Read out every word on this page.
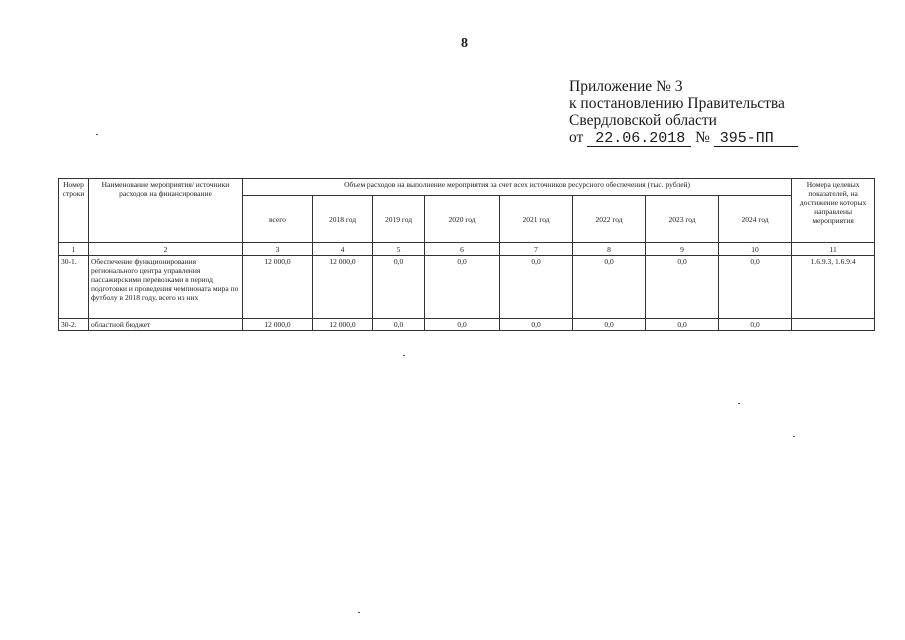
8
Приложение № 3
к постановлению Правительства
Свердловской области
от 22.06.2018 № 395-ПП
Номер строки	Наименование мероприятия/ источники расходов на финансирование	Объем расходов на выполнение мероприятия за счет всех источников ресурсного обеспечения (тыс. рублей)								Номера целевых показателей, на достижение которых направлены мероприятия
		всего	2018 год	2019 год	2020 год	2021 год	2022 год	2023 год	2024 год	
1	2	3	4	5	6	7	8	9	10	11
30-1.	Обеспечение функционирования регионального центра управления пассажирскими перевозками в период подготовки и проведения чемпионата мира по футболу в 2018 году, всего из них	12 000,0	12 000,0	0,0	0,0	0,0	0,0	0,0	0,0	1.6.9.3, 1.6.9.4
30-2.	областной бюджет	12 000,0	12 000,0	0,0	0,0	0,0	0,0	0,0	0,0	
